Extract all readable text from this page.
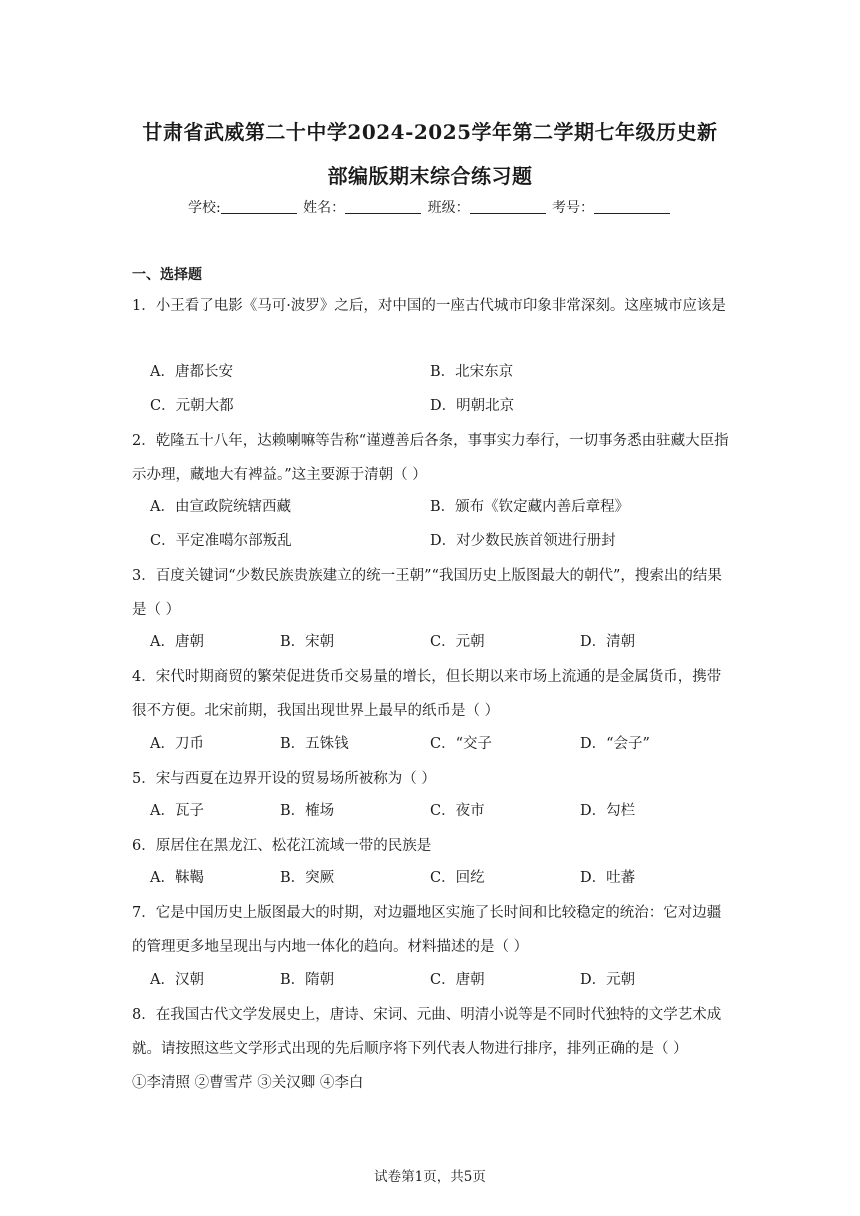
甘肃省武威第二十中学2024-2025学年第二学期七年级历史新
部编版期末综合练习题
学校:	姓名：	班级：	考号：
一、选择题
1．小王看了电影《马可·波罗》之后，对中国的一座古代城市印象非常深刻。这座城市应该是
A．唐都长安	B．北宋东京
C．元朝大都	D．明朝北京
2．乾隆五十八年，达赖喇嘛等告称“谨遵善后各条，事事实力奉行，一切事务悉由驻藏大臣指示办理，藏地大有裨益。”这主要源于清朝（ ）
A．由宣政院统辖西藏	B．颁布《钦定藏内善后章程》
C．平定准噶尔部叛乱	D．对少数民族首领进行册封
3．百度关键词“少数民族贵族建立的统一王朝”“我国历史上版图最大的朝代”，搜索出的结果是（ ）
A．唐朝	B．宋朝	C．元朝	D．清朝
4．宋代时期商贸的繁荣促进货币交易量的增长，但长期以来市场上流通的是金属货币，携带很不方便。北宋前期，我国出现世界上最早的纸币是（ ）
A．刀币	B．五铢钱	C．“交子	D．“会子”
5．宋与西夏在边界开设的贸易场所被称为（ ）
A．瓦子	B．榷场	C．夜市	D．勾栏
6．原居住在黑龙江、松花江流域一带的民族是
A．靺鞨	B．突厥	C．回纥	D．吐蕃
7．它是中国历史上版图最大的时期，对边疆地区实施了长时间和比较稳定的统治：它对边疆的管理更多地呈现出与内地一体化的趋向。材料描述的是（ ）
A．汉朝	B．隋朝	C．唐朝	D．元朝
8．在我国古代文学发展史上，唐诗、宋词、元曲、明清小说等是不同时代独特的文学艺术成就。请按照这些文学形式出现的先后顺序将下列代表人物进行排序，排列正确的是（ ）
①李清照 ②曹雪芹 ③关汉卿 ④李白
试卷第1页，共5页
